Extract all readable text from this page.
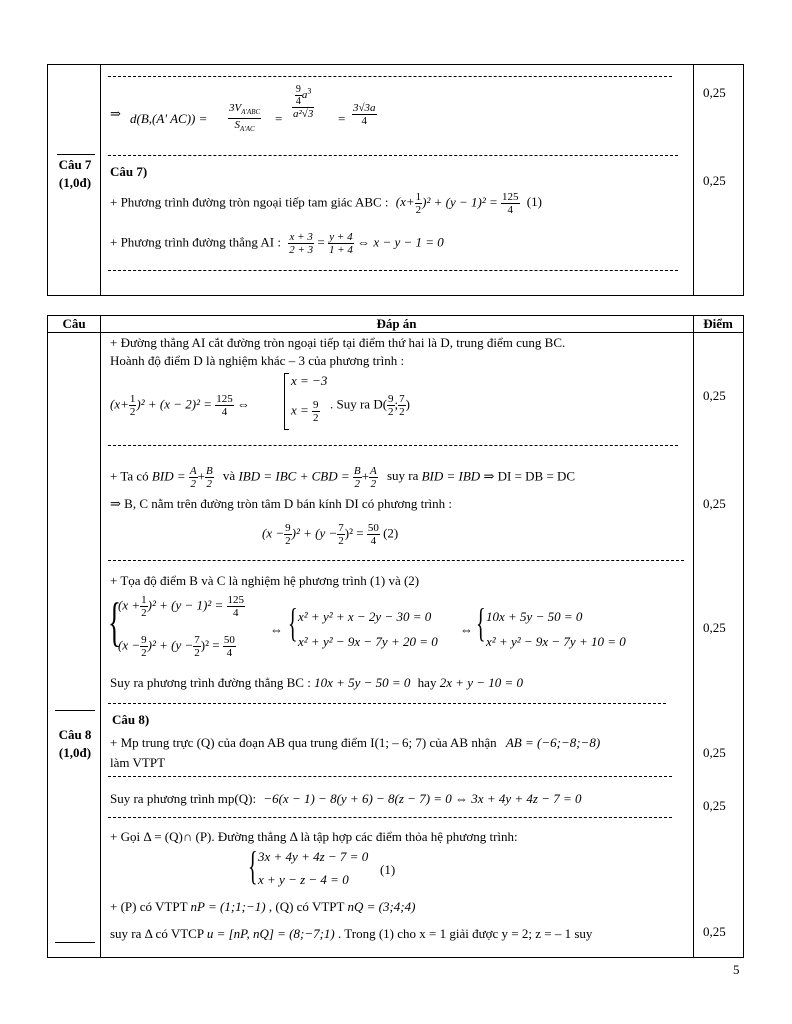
Câu 7
(1,0đ)
⇒ d(B,(A' AC)) =
$3V_{A'ABC}$
$S_{A'AC}$
= $\frac{\frac{9}{4} a^3}{\text{a²√3}} = \frac{3√3a}{4}$
Câu 7)
+ Phương trình đường tròn ngoại tiếp tam giác ABC : $(x+ \frac{1}{2} )^2 + (y - 1)^2 = \frac{125}{4} (1)$
+ Phương trình đường thẳng AI : $\frac{x + 3}{2 + 3} = \frac{y + 4}{1 + 4}$ ⇔ x − y − 1 = 0
0,25
0,25
Câu	Đáp án	Điểm
+ Đường thẳng AI cắt đường tròn ngoại tiếp tại điểm thứ hai là D, trung điểm cung BC.
Hoành độ điểm D là nghiệm khác – 3 của phương trình :
$(x+ \frac{1}{2} )^2 + (x - 2)^2 = \frac{125}{4}$ ⇔
x = −3
$x = \frac{9}{2}$ . Suy ra $D( \frac{9}{2}$ ; $\frac{7}{2}$ )
+ Ta có BID = $\frac{A}{2} + \frac{B}{2}$ và IBD = IBC + CBD = $\frac{B}{2} + \frac{A}{2}$ suy ra BID = IBD ⇒ DI = DB = DC
⇒ B, C nằm trên đường tròn tâm D bán kính DI có phương trình :
$(x - \frac{9}{2} )^2 + (y - \frac{7}{2} )^2 = \frac{50}{4} (2)$
+ Tọa độ điểm B và C là nghiệm hệ phương trình (1) và (2)
{
$(x + \frac{1}{2} )^2 + (y - 1)^2 = \frac{125}{4}$
$(x - \frac{9}{2} )^2 + (y - \frac{7}{2} )^2 = \frac{50}{4}$
⇔ { x² + y² + x − 2y − 30 = 0
x² + y² − 9x − 7y + 20 = 0
⇔ { 10x + 5y − 50 = 0
x² + y² − 9x − 7y + 10 = 0
Suy ra phương trình đường thẳng BC : 10x + 5y − 50 = 0 hay 2x + y − 10 = 0
Câu 8
(1,0đ)
Câu 8)
+ Mp trung trực (Q) của đoạn AB qua trung điểm I(1; – 6; 7) của AB nhận AB = (−6;−8;−8)
làm VTPT
Suy ra phương trình mp(Q): −6(x − 1) − 8(y + 6) − 8(z − 7) = 0 ⇔ 3x + 4y + 4z − 7 = 0
+ Gọi Δ = (Q)∩ (P). Đường thẳng Δ là tập hợp các điểm thỏa hệ phương trình:
{ 3x + 4y + 4z − 7 = 0
x + y − z − 4 = 0
(1)
+ (P) có VTPT nP = (1;1;−1) , (Q) có VTPT nQ = (3;4;4)
suy ra Δ có VTCP u = [nP, nQ] = (8;−7;1) . Trong (1) cho x = 1 giải được y = 2; z = – 1 suy
0,25
0,25
0,25
0,25
0,25
0,25
5
